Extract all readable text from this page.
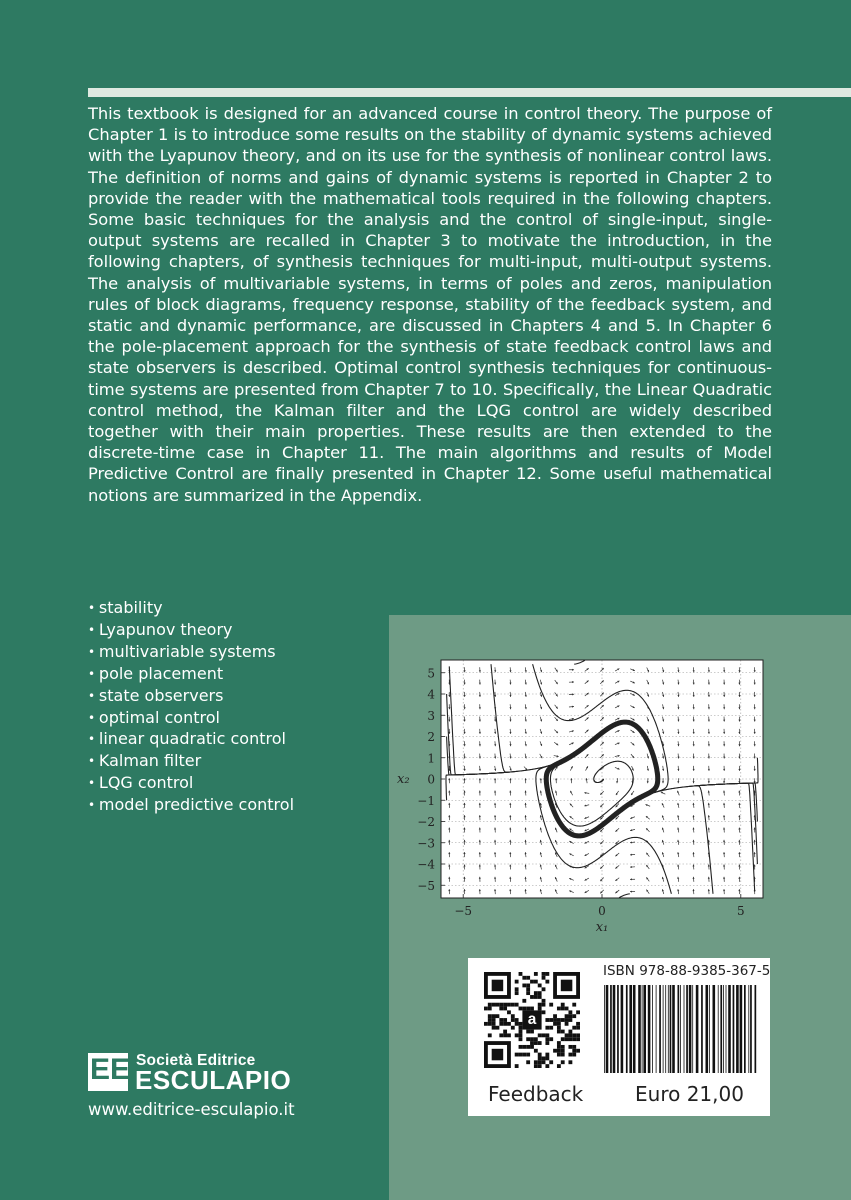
This textbook is designed for an advanced course in control theory. The purpose of Chapter 1 is to introduce some results on the stability of dynamic systems achieved with the Lyapunov theory, and on its use for the synthesis of nonlinear control laws. The definition of norms and gains of dynamic systems is reported in Chapter 2 to provide the reader with the mathematical tools required in the following chapters. Some basic techniques for the analysis and the control of single-input, single-output systems are recalled in Chapter 3 to motivate the introduction, in the following chapters, of synthesis techniques for multi-input, multi-output systems. The analysis of multivariable systems, in terms of poles and zeros, manipulation rules of block diagrams, frequency response, stability of the feedback system, and static and dynamic performance, are discussed in Chapters 4 and 5. In Chapter 6 the pole-placement approach for the synthesis of state feedback control laws and state observers is described. Optimal control synthesis techniques for continuous-time systems are presented from Chapter 7 to 10. Specifically, the Linear Quadratic control method, the Kalman filter and the LQG control are widely described together with their main properties. These results are then extended to the discrete-time case in Chapter 11. The main algorithms and results of Model Predictive Control are finally presented in Chapter 12. Some useful mathematical notions are summarized in the Appendix.

• stability
• Lyapunov theory
• multivariable systems
• pole placement
• state observers
• optimal control
• linear quadratic control
• Kalman filter
• LQG control
• model predictive control
5
4
3
2
1
0
−1
−2
−3
−4
−5
−5	0	5
x₁
x₂
EE Società Editrice
ESCULAPIO
www.editrice-esculapio.it
a
ISBN 978-88-9385-367-5
Feedback	Euro 21,00
